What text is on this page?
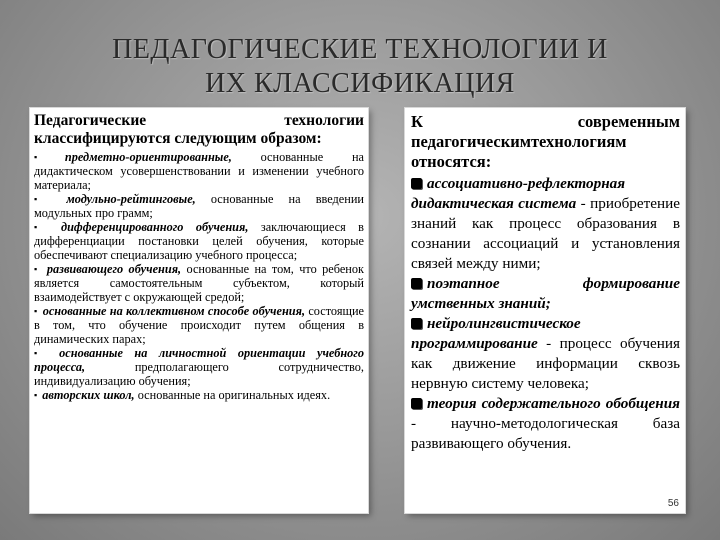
ПЕДАГОГИЧЕСКИЕ ТЕХНОЛОГИИ И
ИХ КЛАССИФИКАЦИЯ

Педагогические технологии классифицируются следующим образом:

▪ предметно-ориентированные, основанные на дидактическом усовершенствовании и изменении учебного материала;

▪ модульно-рейтинговые, основанные на введении модульных про грамм;

▪ дифференцированного обучения, заключающиеся в дифференциации постановки целей обучения, которые обеспечивают специализацию учебного процесса;

▪ развивающего обучения, основанные на том, что ребенок является самостоятельным субъектом, который взаимодействует с окружающей средой;

▪ основанные на коллективном способе обучения, состоящие в том, что обучение происходит путем общения в динамических парах;

▪ основанные на личностной ориентации учебного процесса, предполагающего сотрудничество, индивидуализацию обучения;

▪ авторских школ, основанные на оригинальных идеях.

К современным педагогическимтехнологиям относятся:

ассоциативно-рефлекторная дидактическая система - приобретение знаний как процесс образования в сознании ассоциаций и установления связей между ними;

поэтапное формирование умственных знаний;

нейролингвистическое программирование - процесс обучения как движение информации сквозь нервную систему человека;

теория содержательного обобщения - научно-методологическая база развивающего обучения.

56
